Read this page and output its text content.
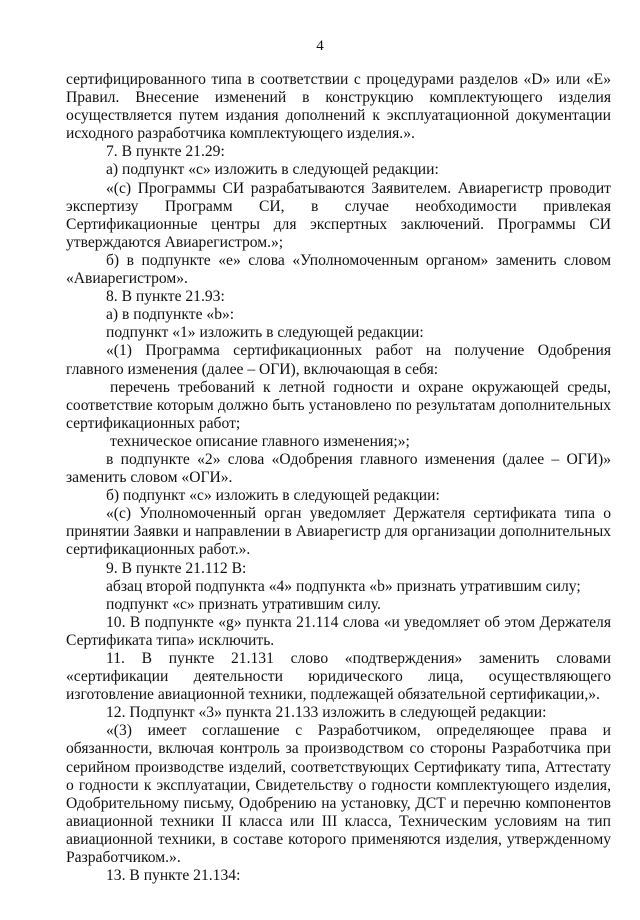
4

сертифицированного типа в соответствии с процедурами разделов «D» или «E» Правил. Внесение изменений в конструкцию комплектующего изделия осуществляется путем издания дополнений к эксплуатационной документации исходного разработчика комплектующего изделия.».

7. В пункте 21.29:

а) подпункт «c» изложить в следующей редакции:

«(c) Программы СИ разрабатываются Заявителем. Авиарегистр проводит экспертизу Программ СИ, в случае необходимости привлекая Сертификационные центры для экспертных заключений. Программы СИ утверждаются Авиарегистром.»;

б) в подпункте «e» слова «Уполномоченным органом» заменить словом «Авиарегистром».

8. В пункте 21.93:

а) в подпункте «b»:

подпункт «1» изложить в следующей редакции:

«(1) Программа сертификационных работ на получение Одобрения главного изменения (далее – ОГИ), включающая в себя:

перечень требований к летной годности и охране окружающей среды, соответствие которым должно быть установлено по результатам дополнительных сертификационных работ;

техническое описание главного изменения;»;

в подпункте «2» слова «Одобрения главного изменения (далее – ОГИ)» заменить словом «ОГИ».

б) подпункт «c» изложить в следующей редакции:

«(c) Уполномоченный орган уведомляет Держателя сертификата типа о принятии Заявки и направлении в Авиарегистр для организации дополнительных сертификационных работ.».

9. В пункте 21.112 B:

абзац второй подпункта «4» подпункта «b» признать утратившим силу;

подпункт «c» признать утратившим силу.

10. В подпункте «g» пункта 21.114 слова «и уведомляет об этом Держателя Сертификата типа» исключить.

11. В пункте 21.131 слово «подтверждения» заменить словами «сертификации деятельности юридического лица, осуществляющего изготовление авиационной техники, подлежащей обязательной сертификации,».

12. Подпункт «3» пункта 21.133 изложить в следующей редакции:

«(3) имеет соглашение с Разработчиком, определяющее права и обязанности, включая контроль за производством со стороны Разработчика при серийном производстве изделий, соответствующих Сертификату типа, Аттестату о годности к эксплуатации, Свидетельству о годности комплектующего изделия, Одобрительному письму, Одобрению на установку, ДСТ и перечню компонентов авиационной техники II класса или III класса, Техническим условиям на тип авиационной техники, в составе которого применяются изделия, утвержденному Разработчиком.».

13. В пункте 21.134:
